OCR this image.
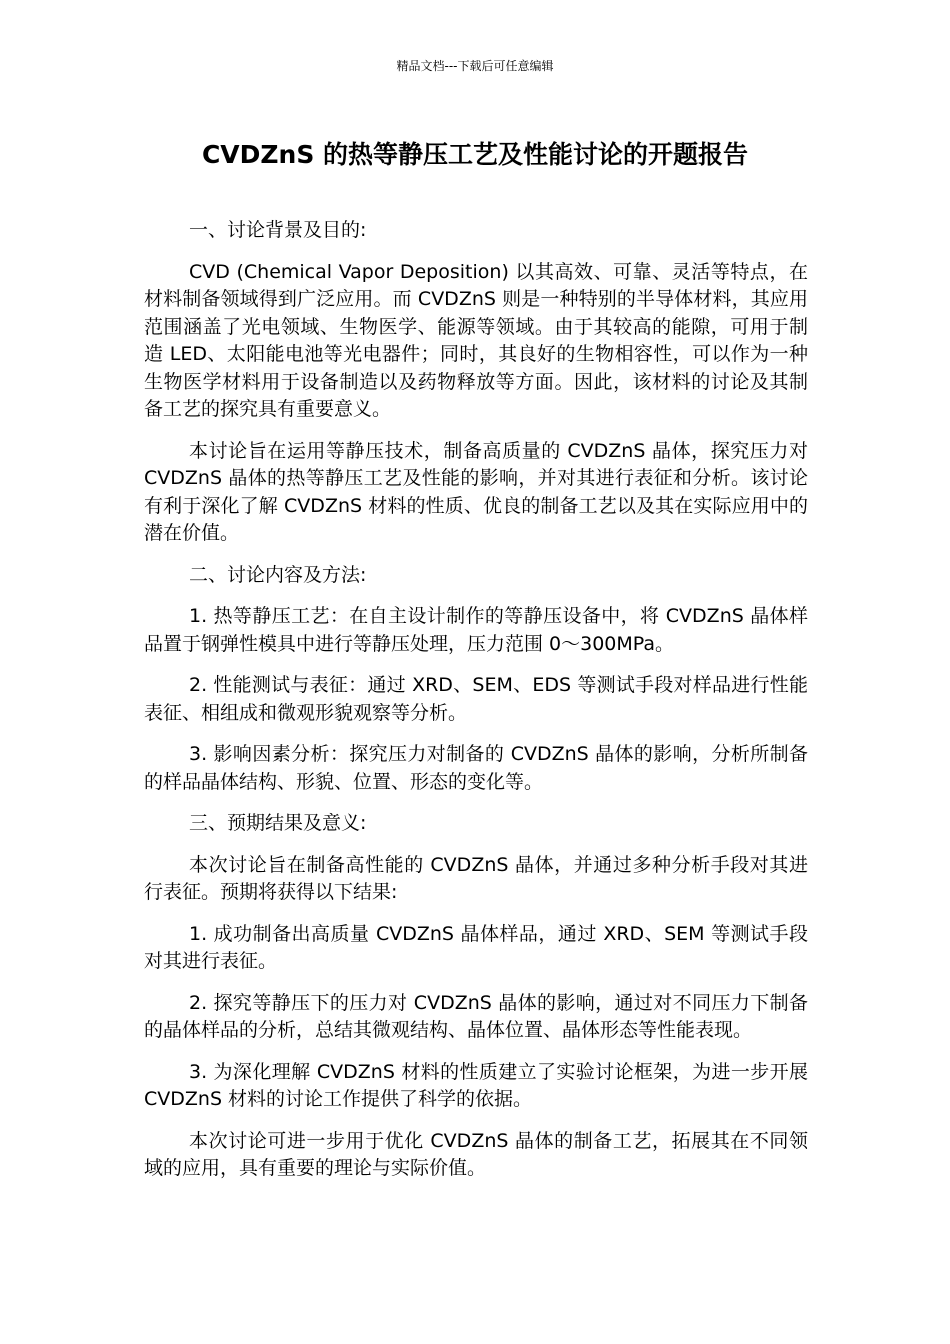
精品文档---下载后可任意编辑
CVDZnS 的热等静压工艺及性能讨论的开题报告

一、讨论背景及目的:

CVD (Chemical Vapor Deposition) 以其高效、可靠、灵活等特点，在材料制备领域得到广泛应用。而 CVDZnS 则是一种特别的半导体材料，其应用范围涵盖了光电领域、生物医学、能源等领域。由于其较高的能隙，可用于制造 LED、太阳能电池等光电器件；同时，其良好的生物相容性，可以作为一种生物医学材料用于设备制造以及药物释放等方面。因此，该材料的讨论及其制备工艺的探究具有重要意义。

本讨论旨在运用等静压技术，制备高质量的 CVDZnS 晶体，探究压力对 CVDZnS 晶体的热等静压工艺及性能的影响，并对其进行表征和分析。该讨论有利于深化了解 CVDZnS 材料的性质、优良的制备工艺以及其在实际应用中的潜在价值。

二、讨论内容及方法:

1. 热等静压工艺：在自主设计制作的等静压设备中，将 CVDZnS 晶体样品置于钢弹性模具中进行等静压处理，压力范围 0～300MPa。

2. 性能测试与表征：通过 XRD、SEM、EDS 等测试手段对样品进行性能表征、相组成和微观形貌观察等分析。

3. 影响因素分析：探究压力对制备的 CVDZnS 晶体的影响，分析所制备的样品晶体结构、形貌、位置、形态的变化等。

三、预期结果及意义:

本次讨论旨在制备高性能的 CVDZnS 晶体，并通过多种分析手段对其进行表征。预期将获得以下结果:

1. 成功制备出高质量 CVDZnS 晶体样品，通过 XRD、SEM 等测试手段对其进行表征。

2. 探究等静压下的压力对 CVDZnS 晶体的影响，通过对不同压力下制备的晶体样品的分析，总结其微观结构、晶体位置、晶体形态等性能表现。

3. 为深化理解 CVDZnS 材料的性质建立了实验讨论框架，为进一步开展 CVDZnS 材料的讨论工作提供了科学的依据。

本次讨论可进一步用于优化 CVDZnS 晶体的制备工艺，拓展其在不同领域的应用，具有重要的理论与实际价值。
